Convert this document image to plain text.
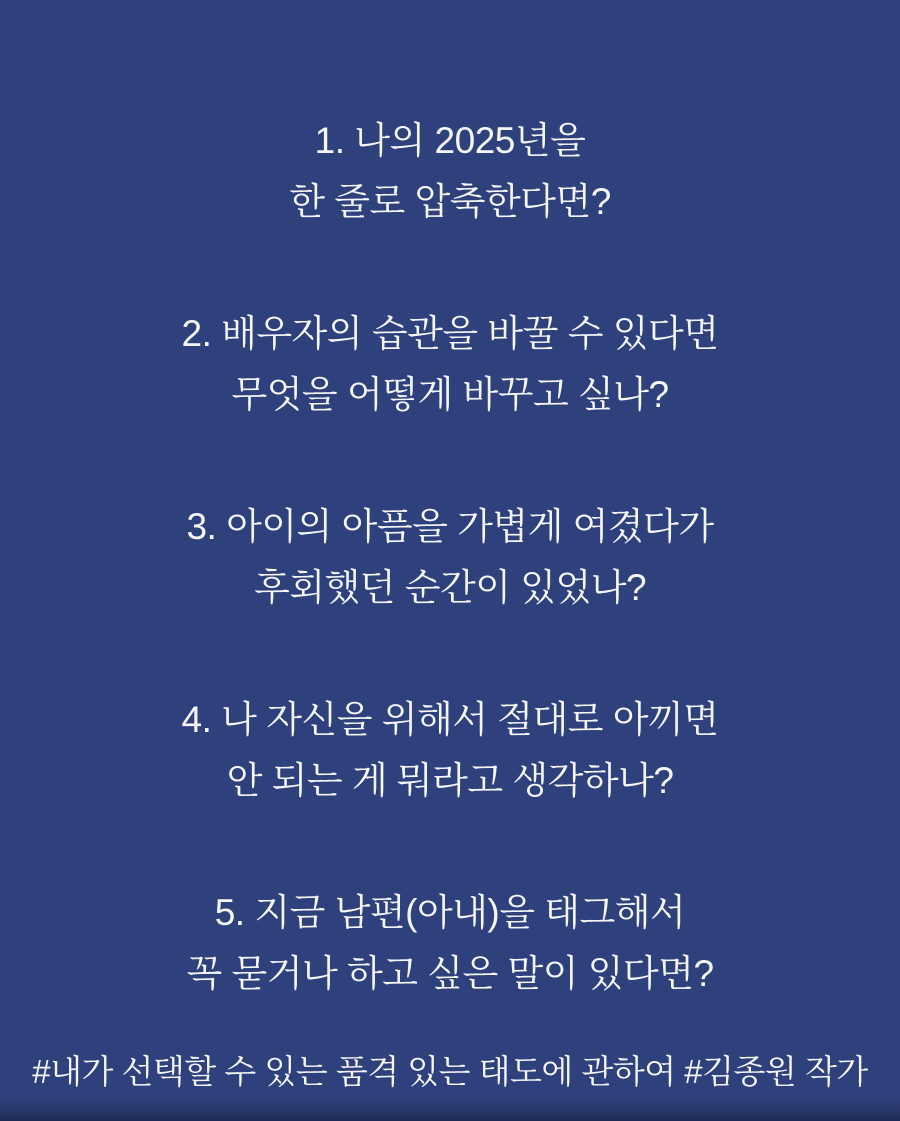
1. 나의 2025년을
한 줄로 압축한다면?
2. 배우자의 습관을 바꿀 수 있다면
무엇을 어떻게 바꾸고 싶나?
3. 아이의 아픔을 가볍게 여겼다가
후회했던 순간이 있었나?
4. 나 자신을 위해서 절대로 아끼면
안 되는 게 뭐라고 생각하나?
5. 지금 남편(아내)을 태그해서
꼭 묻거나 하고 싶은 말이 있다면?
#내가 선택할 수 있는 품격 있는 태도에 관하여 #김종원 작가
